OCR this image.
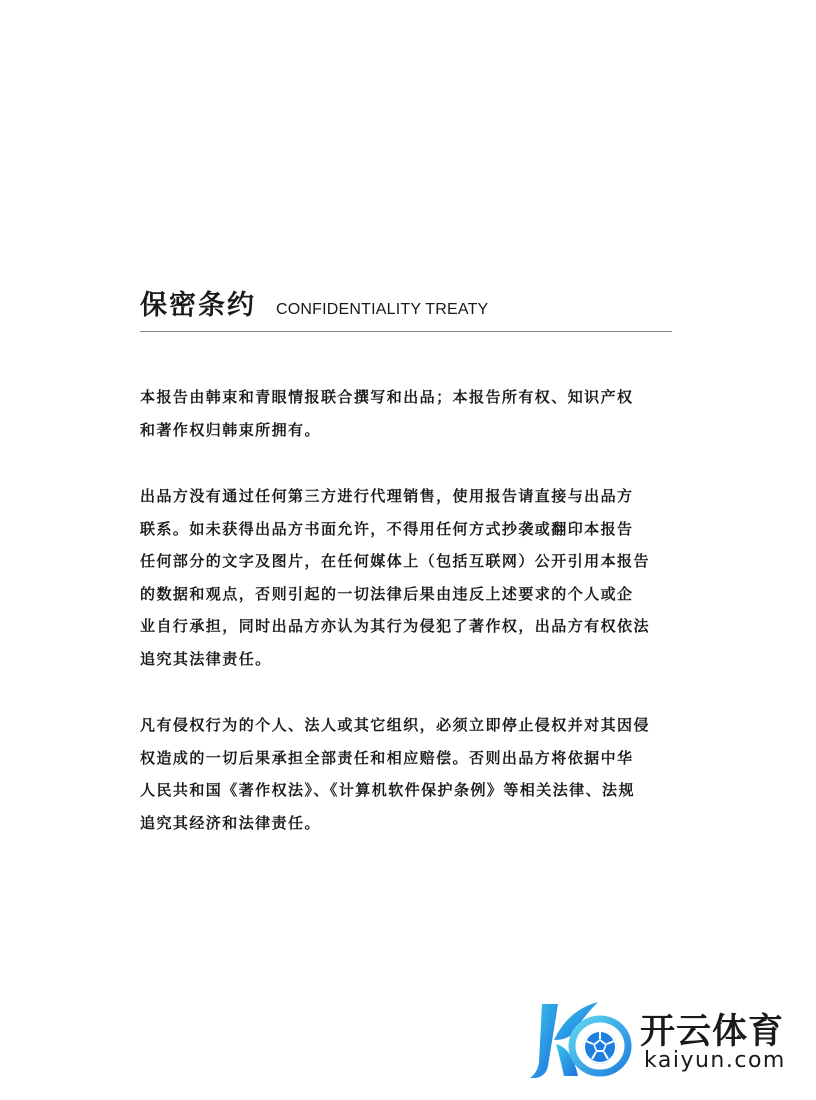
保密条约 CONFIDENTIALITY TREATY

本报告由韩束和青眼情报联合撰写和出品；本报告所有权、知识产权
和著作权归韩束所拥有。

出品方没有通过任何第三方进行代理销售，使用报告请直接与出品方
联系。如未获得出品方书面允许，不得用任何方式抄袭或翻印本报告
任何部分的文字及图片，在任何媒体上（包括互联网）公开引用本报告
的数据和观点，否则引起的一切法律后果由违反上述要求的个人或企
业自行承担，同时出品方亦认为其行为侵犯了著作权，出品方有权依法
追究其法律责任。

凡有侵权行为的个人、法人或其它组织，必须立即停止侵权并对其因侵
权造成的一切后果承担全部责任和相应赔偿。否则出品方将依据中华
人民共和国《著作权法》、《计算机软件保护条例》等相关法律、法规
追究其经济和法律责任。

开云体育
kaiyun.com
